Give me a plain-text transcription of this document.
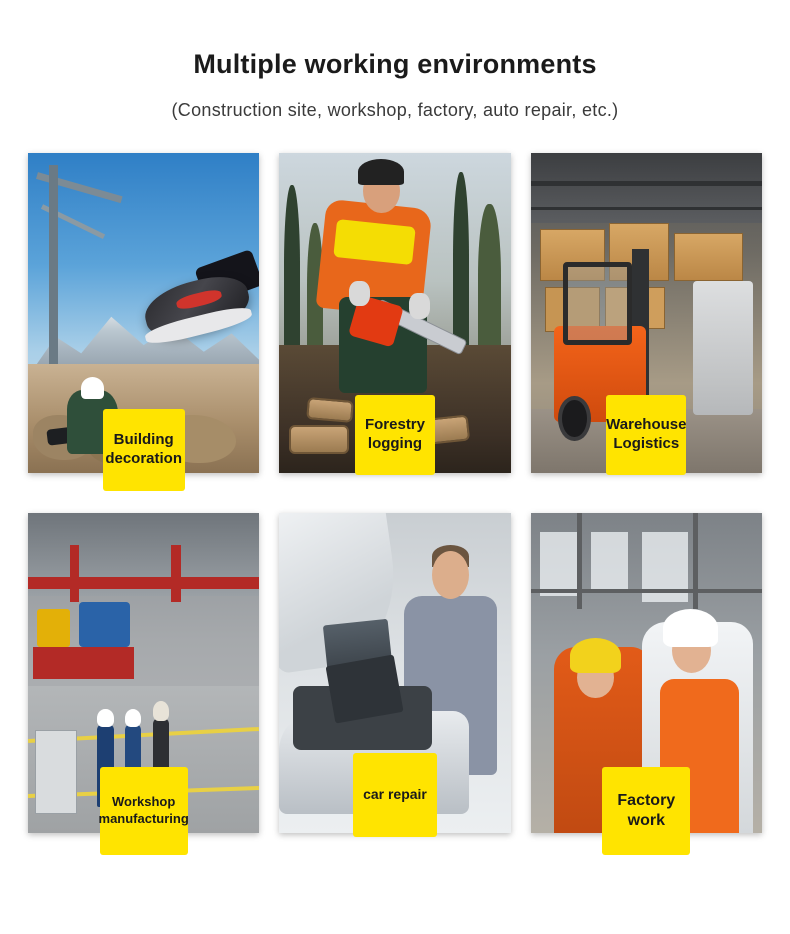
Multiple working environments
(Construction site, workshop, factory, auto repair, etc.)
Building
decoration
Forestry
logging
Warehouse
Logistics
Workshop
manufacturing
car repair	Factory
work
